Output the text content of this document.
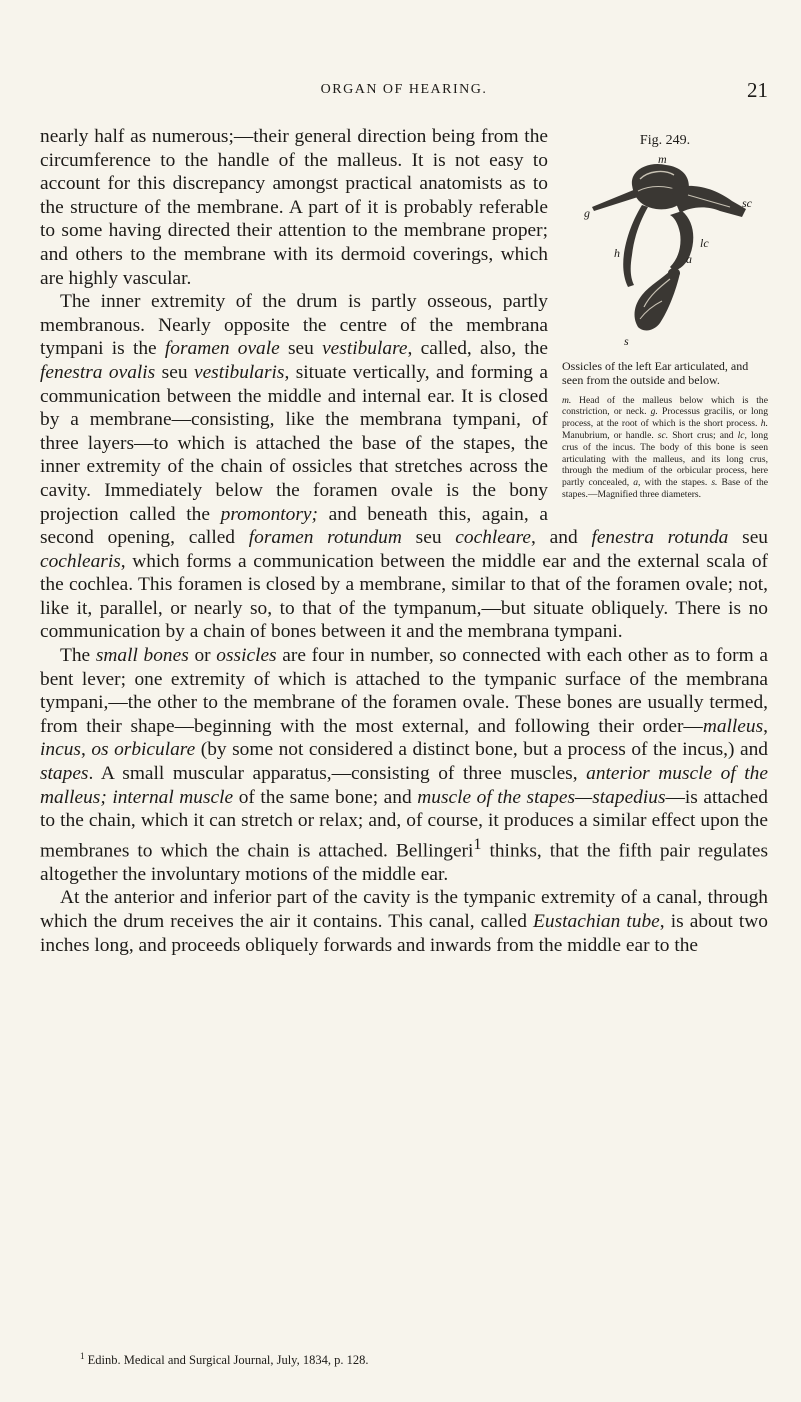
ORGAN OF HEARING.	21
Fig. 249.
m
g
h
sc
lc
a
s
Ossicles of the left Ear articulated, and seen from the outside and below.
m. Head of the malleus below which is the constriction, or neck. g. Processus gracilis, or long process, at the root of which is the short process. h. Manubrium, or handle. sc. Short crus; and lc, long crus of the incus. The body of this bone is seen articulating with the malleus, and its long crus, through the medium of the orbicular process, here partly concealed, a, with the stapes. s. Base of the stapes.—Magnified three diameters.

nearly half as numerous;—their general direction being from the circumference to the handle of the malleus. It is not easy to account for this discrepancy amongst practical anatomists as to the structure of the membrane. A part of it is probably referable to some having directed their attention to the membrane proper; and others to the membrane with its dermoid coverings, which are highly vascular.

The inner extremity of the drum is partly osseous, partly membranous. Nearly opposite the centre of the membrana tympani is the foramen ovale seu vestibulare, called, also, the fenestra ovalis seu vestibularis, situate vertically, and forming a communication between the middle and internal ear. It is closed by a membrane—consisting, like the membrana tympani, of three layers—to which is attached the base of the stapes, the inner extremity of the chain of ossicles that stretches across the cavity. Immediately below the foramen ovale is the bony projection called the promontory; and beneath this, again, a second opening, called foramen rotundum seu cochleare, and fenestra rotunda seu cochlearis, which forms a communication between the middle ear and the external scala of the cochlea. This foramen is closed by a membrane, similar to that of the foramen ovale; not, like it, parallel, or nearly so, to that of the tympanum,—but situate obliquely. There is no communication by a chain of bones between it and the membrana tympani.

The small bones or ossicles are four in number, so connected with each other as to form a bent lever; one extremity of which is attached to the tympanic surface of the membrana tympani,—the other to the membrane of the foramen ovale. These bones are usually termed, from their shape—beginning with the most external, and following their order—malleus, incus, os orbiculare (by some not considered a distinct bone, but a process of the incus,) and stapes. A small muscular apparatus,—consisting of three muscles, anterior muscle of the malleus; internal muscle of the same bone; and muscle of the stapes—stapedius—is attached to the chain, which it can stretch or relax; and, of course, it produces a similar effect upon the membranes to which the chain is attached. Bellingeri$^1$ thinks, that the fifth pair regulates altogether the involuntary motions of the middle ear.

At the anterior and inferior part of the cavity is the tympanic extremity of a canal, through which the drum receives the air it contains. This canal, called Eustachian tube, is about two inches long, and proceeds obliquely forwards and inwards from the middle ear to the

$^1$ Edinb. Medical and Surgical Journal, July, 1834, p. 128.
